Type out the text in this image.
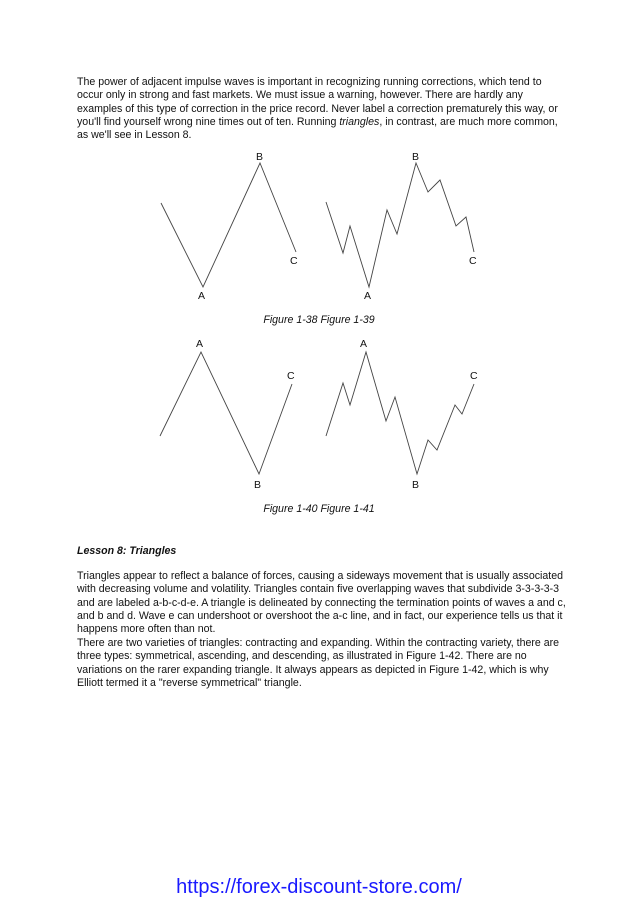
The power of adjacent impulse waves is important in recognizing running corrections, which tend to occur only in strong and fast markets. We must issue a warning, however. There are hardly any examples of this type of correction in the price record. Never label a correction prematurely this way, or you'll find yourself wrong nine times out of ten. Running triangles, in contrast, are much more common, as we'll see in Lesson 8.
B
A
C
B
A
C
A
C
B
A
C
B
Figure 1-38 Figure 1-39
Figure 1-40 Figure 1-41
Lesson 8: Triangles
Triangles appear to reflect a balance of forces, causing a sideways movement that is usually associated with decreasing volume and volatility. Triangles contain five overlapping waves that subdivide 3-3-3-3-3 and are labeled a-b-c-d-e. A triangle is delineated by connecting the termination points of waves a and c, and b and d. Wave e can undershoot or overshoot the a-c line, and in fact, our experience tells us that it happens more often than not.
There are two varieties of triangles: contracting and expanding. Within the contracting variety, there are three types: symmetrical, ascending, and descending, as illustrated in Figure 1-42. There are no variations on the rarer expanding triangle. It always appears as depicted in Figure 1-42, which is why Elliott termed it a "reverse symmetrical" triangle.
https://forex-discount-store.com/
